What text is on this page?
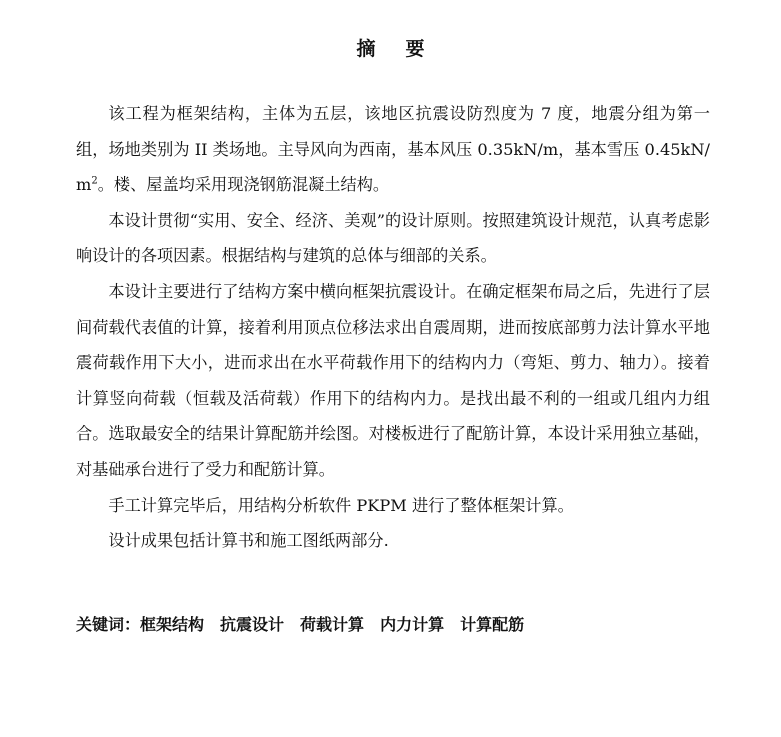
摘 要

该工程为框架结构，主体为五层，该地区抗震设防烈度为 7 度，地震分组为第一组，场地类别为 II 类场地。主导风向为西南，基本风压 0.35kN/m，基本雪压 $0.45kN/m^2$。楼、屋盖均采用现浇钢筋混凝土结构。

本设计贯彻“实用、安全、经济、美观”的设计原则。按照建筑设计规范，认真考虑影响设计的各项因素。根据结构与建筑的总体与细部的关系。

本设计主要进行了结构方案中横向框架抗震设计。在确定框架布局之后，先进行了层间荷载代表值的计算，接着利用顶点位移法求出自震周期，进而按底部剪力法计算水平地震荷载作用下大小，进而求出在水平荷载作用下的结构内力（弯矩、剪力、轴力）。接着计算竖向荷载（恒载及活荷载）作用下的结构内力。是找出最不利的一组或几组内力组合。选取最安全的结果计算配筋并绘图。对楼板进行了配筋计算，本设计采用独立基础，对基础承台进行了受力和配筋计算。

手工计算完毕后，用结构分析软件 PKPM 进行了整体框架计算。

设计成果包括计算书和施工图纸两部分.

关键词：框架结构 抗震设计 荷载计算 内力计算 计算配筋
